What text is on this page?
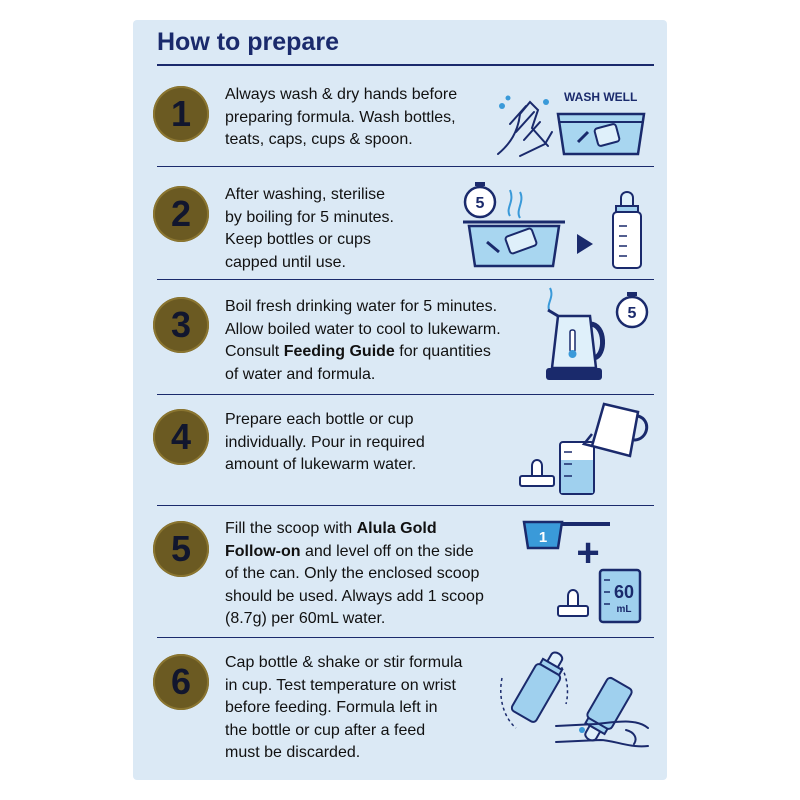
How to prepare
1	Always wash & dry hands before
preparing formula. Wash bottles,
teats, caps, cups & spoon.
WASH WELL
2	After washing, sterilise
by boiling for 5 minutes.
Keep bottles or cups
capped until use.
5
3	Boil fresh drinking water for 5 minutes.
Allow boiled water to cool to lukewarm.
Consult Feeding Guide for quantities
of water and formula.
5
4	Prepare each bottle or cup
individually. Pour in required
amount of lukewarm water.
5	Fill the scoop with Alula Gold
Follow-on and level off on the side
of the can. Only the enclosed scoop
should be used. Always add 1 scoop
(8.7g) per 60mL water.
1 +
60
mL
6	Cap bottle & shake or stir formula
in cup. Test temperature on wrist
before feeding. Formula left in
the bottle or cup after a feed
must be discarded.
